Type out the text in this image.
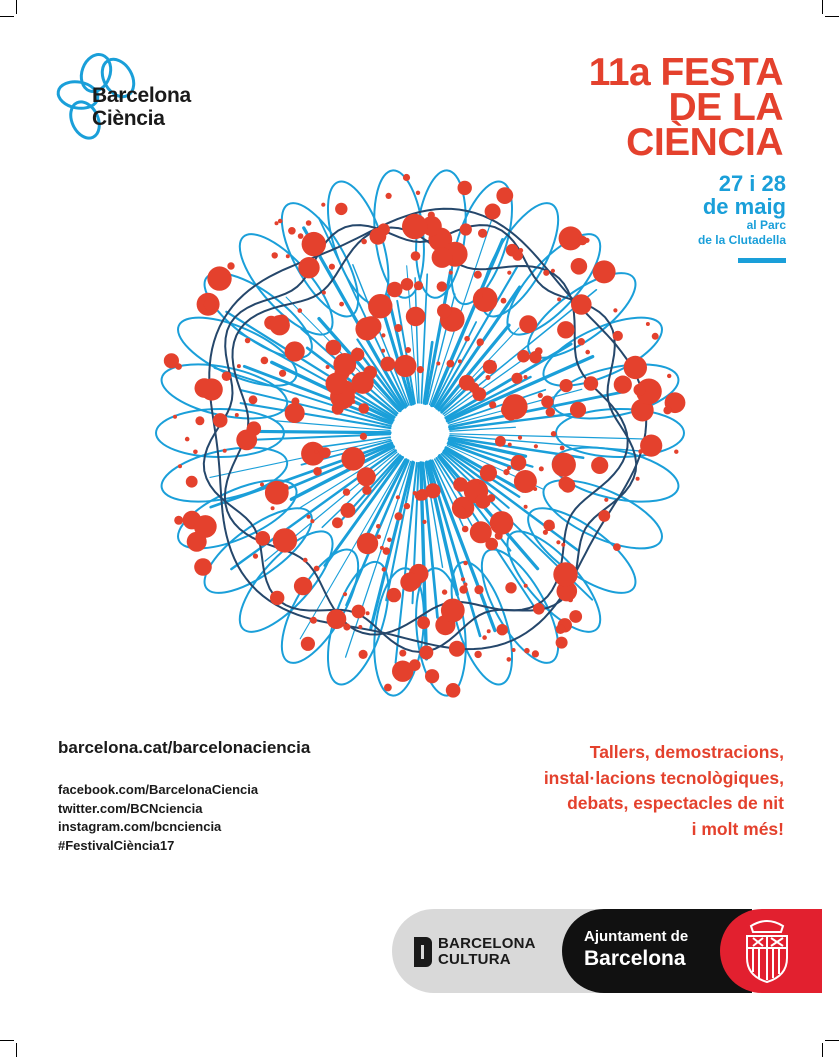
Barcelona
Ciència
11a FESTA
DE LA
CIÈNCIA
27 i 28
de maig
al Parc
de la Clutadella
barcelona.cat/barcelonaciencia
facebook.com/BarcelonaCiencia
twitter.com/BCNciencia
instagram.com/bcnciencia
#FestivalCiència17
Tallers, demostracions,
instal·lacions tecnològiques,
debats, espectacles de nit
i molt més!
BARCELONA
CULTURA
Ajuntament de
Barcelona
